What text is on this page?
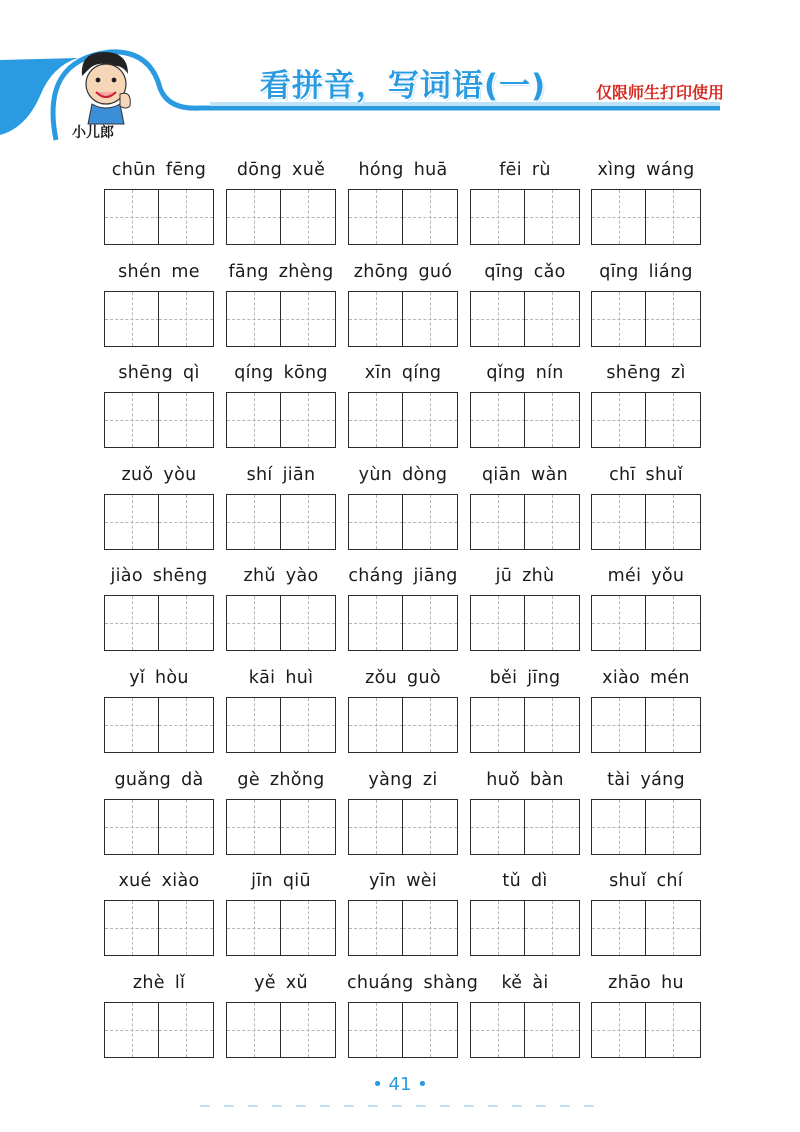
小儿郎
看拼音，写词语(一)	仅限师生打印使用
chūn fēng	dōng xuě	hóng huā	fēi rù	xìng wáng
shén me	fāng zhèng	zhōng guó	qīng cǎo	qīng liáng
shēng qì	qíng kōng	xīn qíng	qǐng nín	shēng zì
zuǒ yòu	shí jiān	yùn dòng	qiān wàn	chī shuǐ
jiào shēng	zhǔ yào	cháng jiāng	jū zhù	méi yǒu
yǐ hòu	kāi huì	zǒu guò	běi jīng	xiào mén
guǎng dà	gè zhǒng	yàng zi	huǒ bàn	tài yáng
xué xiào	jīn qiū	yīn wèi	tǔ dì	shuǐ chí
zhè lǐ	yě xǔ	chuáng shàng	kě ài	zhāo hu
• 41 •
